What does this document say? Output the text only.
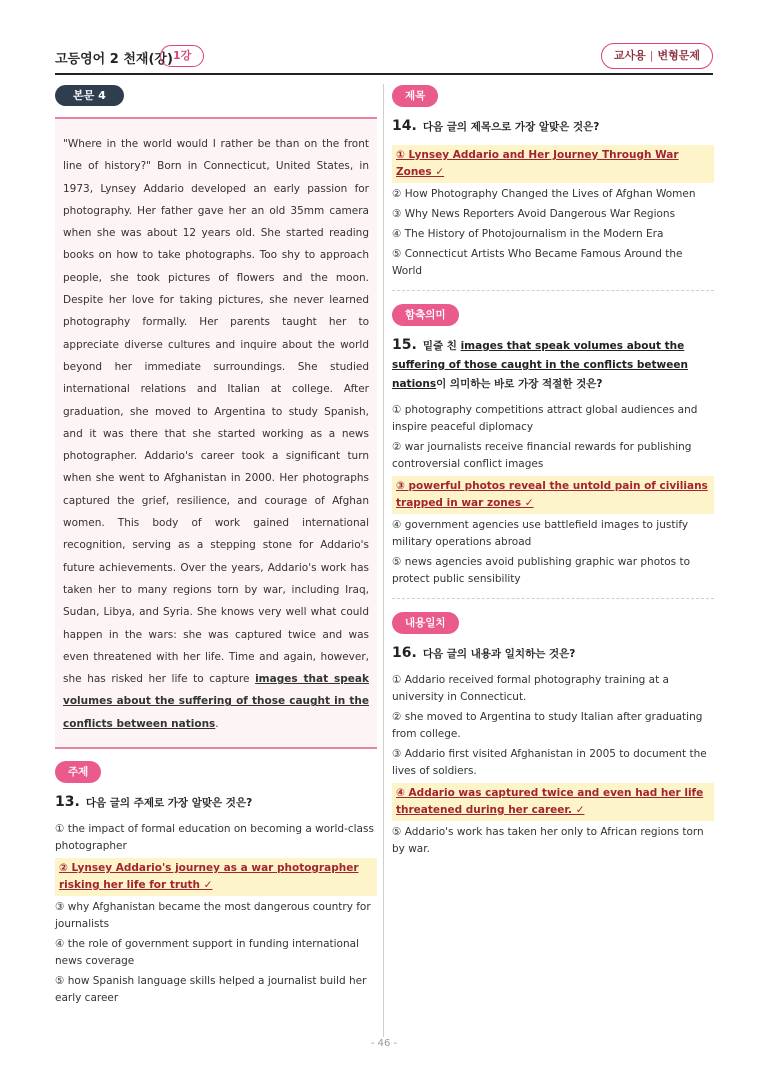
고등영어 2 천재(강) 1강	교사용 | 변형문제
본문 4
"Where in the world would I rather be than on the front line of history?" Born in Connecticut, United States, in 1973, Lynsey Addario developed an early passion for photography. Her father gave her an old 35mm camera when she was about 12 years old. She started reading books on how to take photographs. Too shy to approach people, she took pictures of flowers and the moon. Despite her love for taking pictures, she never learned photography formally. Her parents taught her to appreciate diverse cultures and inquire about the world beyond her immediate surroundings. She studied international relations and Italian at college. After graduation, she moved to Argentina to study Spanish, and it was there that she started working as a news photographer. Addario's career took a significant turn when she went to Afghanistan in 2000. Her photographs captured the grief, resilience, and courage of Afghan women. This body of work gained international recognition, serving as a stepping stone for Addario's future achievements. Over the years, Addario's work has taken her to many regions torn by war, including Iraq, Sudan, Libya, and Syria. She knows very well what could happen in the wars: she was captured twice and was even threatened with her life. Time and again, however, she has risked her life to capture images that speak volumes about the suffering of those caught in the conflicts between nations.
주제
13. 다음 글의 주제로 가장 알맞은 것은?
① the impact of formal education on becoming a world-class photographer
② Lynsey Addario's journey as a war photographer risking her life for truth ✓
③ why Afghanistan became the most dangerous country for journalists
④ the role of government support in funding international news coverage
⑤ how Spanish language skills helped a journalist build her early career
제목
14. 다음 글의 제목으로 가장 알맞은 것은?
① Lynsey Addario and Her Journey Through War Zones ✓
② How Photography Changed the Lives of Afghan Women
③ Why News Reporters Avoid Dangerous War Regions
④ The History of Photojournalism in the Modern Era
⑤ Connecticut Artists Who Became Famous Around the World
함축의미
15. 밑줄 친 images that speak volumes about the suffering of those caught in the conflicts between nations이 의미하는 바로 가장 적절한 것은?
① photography competitions attract global audiences and inspire peaceful diplomacy
② war journalists receive financial rewards for publishing controversial conflict images
③ powerful photos reveal the untold pain of civilians trapped in war zones ✓
④ government agencies use battlefield images to justify military operations abroad
⑤ news agencies avoid publishing graphic war photos to protect public sensibility
내용일치
16. 다음 글의 내용과 일치하는 것은?
① Addario received formal photography training at a university in Connecticut.
② she moved to Argentina to study Italian after graduating from college.
③ Addario first visited Afghanistan in 2005 to document the lives of soldiers.
④ Addario was captured twice and even had her life threatened during her career. ✓
⑤ Addario's work has taken her only to African regions torn by war.
- 46 -
